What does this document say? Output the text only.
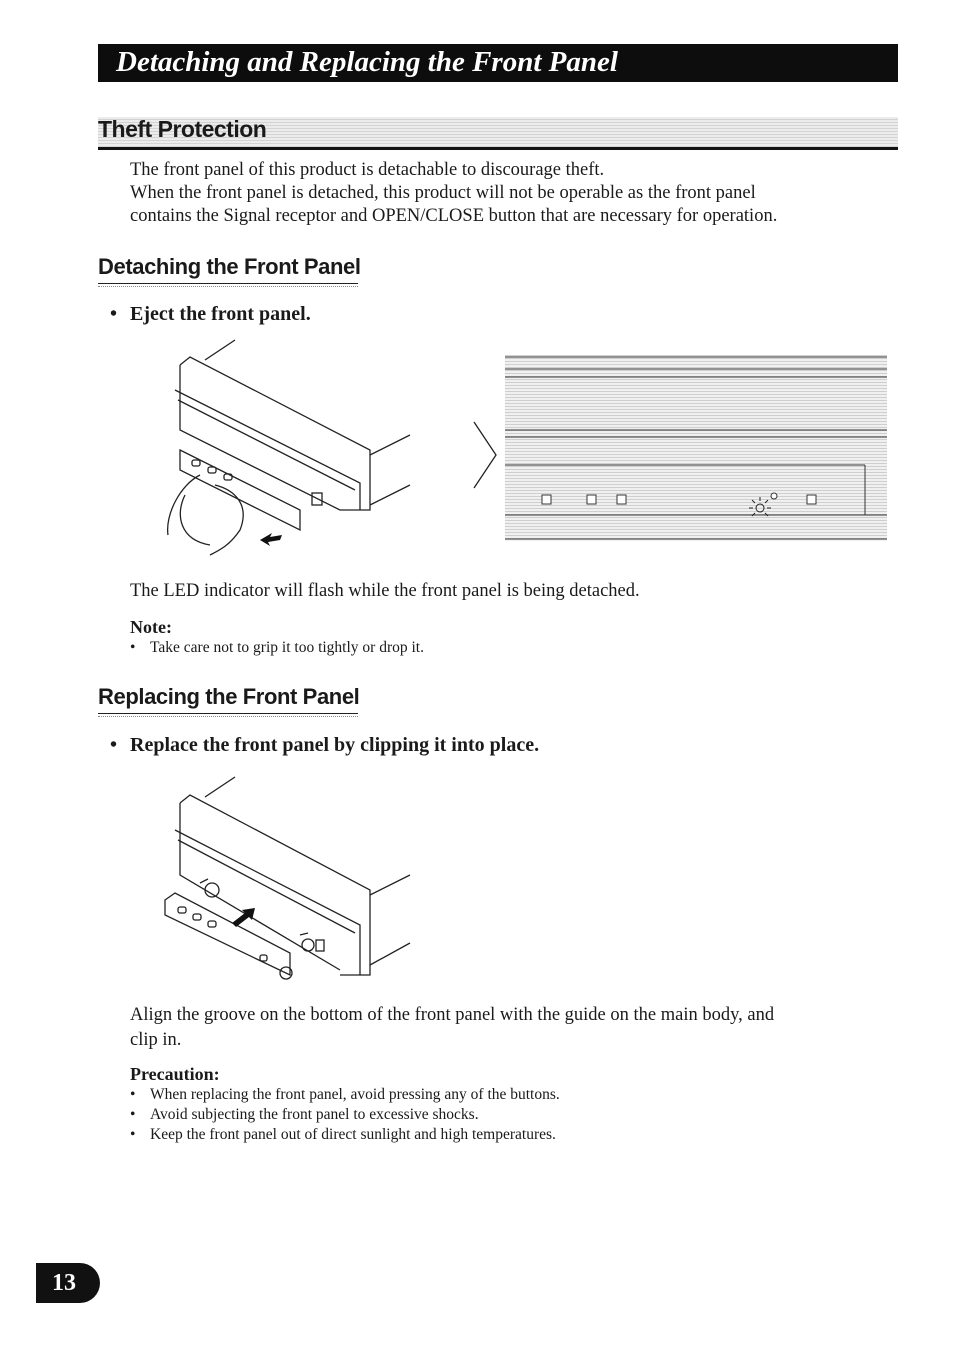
Detaching and Replacing the Front Panel
Theft Protection
The front panel of this product is detachable to discourage theft.
When the front panel is detached, this product will not be operable as the front panel
contains the Signal receptor and OPEN/CLOSE button that are necessary for operation.
Detaching the Front Panel
• Eject the front panel.
The LED indicator will flash while the front panel is being detached.
Note:
• Take care not to grip it too tightly or drop it.
Replacing the Front Panel
• Replace the front panel by clipping it into place.
Align the groove on the bottom of the front panel with the guide on the main body, and
clip in.
Precaution:
• When replacing the front panel, avoid pressing any of the buttons.
• Avoid subjecting the front panel to excessive shocks.
• Keep the front panel out of direct sunlight and high temperatures.
13
